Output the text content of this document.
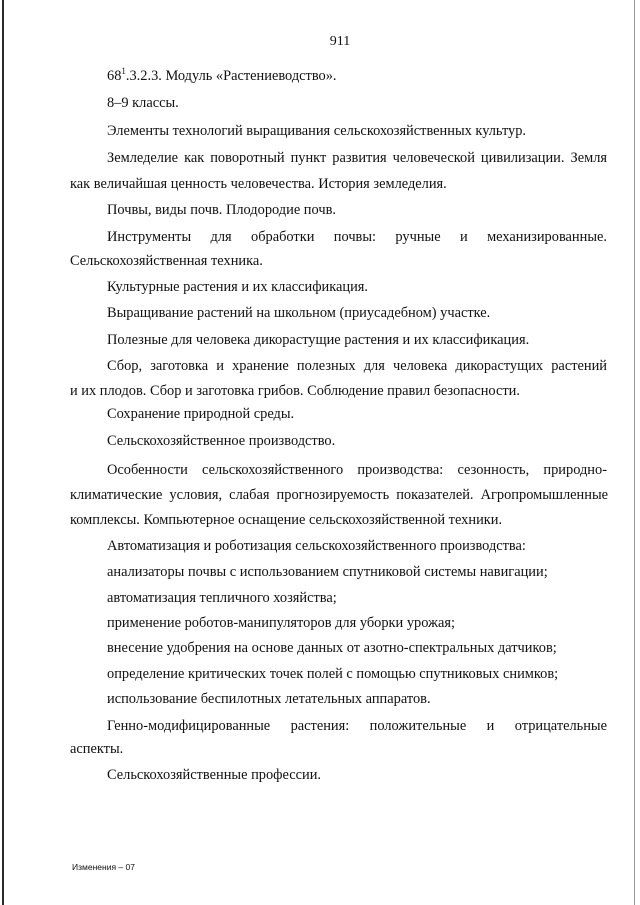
911
$68^1.3.2.3$. Модуль «Растениеводство».
8–9 классы.
Элементы технологий выращивания сельскохозяйственных культур.
Земледелие как поворотный пункт развития человеческой цивилизации. Земля
как величайшая ценность человечества. История земледелия.
Почвы, виды почв. Плодородие почв.
Инструменты для обработки почвы: ручные и механизированные.
Сельскохозяйственная техника.
Культурные растения и их классификация.
Выращивание растений на школьном (приусадебном) участке.
Полезные для человека дикорастущие растения и их классификация.
Сбор, заготовка и хранение полезных для человека дикорастущих растений
и их плодов. Сбор и заготовка грибов. Соблюдение правил безопасности.
Сохранение природной среды.
Сельскохозяйственное производство.
Особенности сельскохозяйственного производства: сезонность, природно-
климатические условия, слабая прогнозируемость показателей. Агропромышленные
комплексы. Компьютерное оснащение сельскохозяйственной техники.
Автоматизация и роботизация сельскохозяйственного производства:
анализаторы почвы c использованием спутниковой системы навигации;
автоматизация тепличного хозяйства;
применение роботов-манипуляторов для уборки урожая;
внесение удобрения на основе данных от азотно-спектральных датчиков;
определение критических точек полей с помощью спутниковых снимков;
использование беспилотных летательных аппаратов.
Генно-модифицированные растения: положительные и отрицательные
аспекты.
Сельскохозяйственные профессии.
Изменения – 07
